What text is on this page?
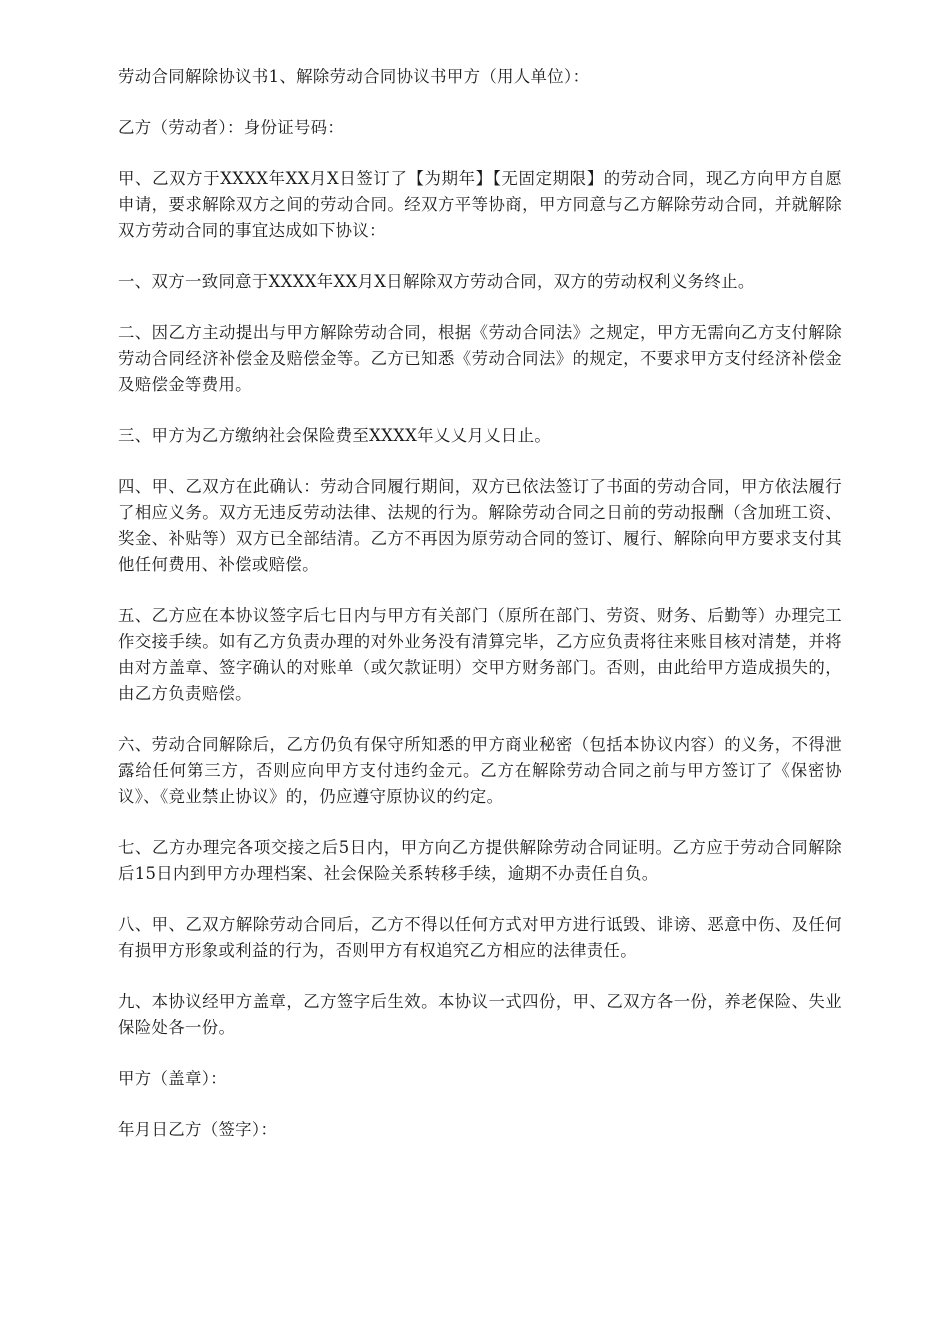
劳动合同解除协议书1、解除劳动合同协议书甲方（用人单位）：

乙方（劳动者）：身份证号码：

甲、乙双方于XXXX年XX月X日签订了【为期年】【无固定期限】的劳动合同，现乙方向甲方自愿申请，要求解除双方之间的劳动合同。经双方平等协商，甲方同意与乙方解除劳动合同，并就解除双方劳动合同的事宜达成如下协议：

一、双方一致同意于XXXX年XX月X日解除双方劳动合同，双方的劳动权利义务终止。

二、因乙方主动提出与甲方解除劳动合同，根据《劳动合同法》之规定，甲方无需向乙方支付解除劳动合同经济补偿金及赔偿金等。乙方已知悉《劳动合同法》的规定，不要求甲方支付经济补偿金及赔偿金等费用。

三、甲方为乙方缴纳社会保险费至XXXX年乂乂月乂日止。

四、甲、乙双方在此确认：劳动合同履行期间，双方已依法签订了书面的劳动合同，甲方依法履行了相应义务。双方无违反劳动法律、法规的行为。解除劳动合同之日前的劳动报酬（含加班工资、奖金、补贴等）双方已全部结清。乙方不再因为原劳动合同的签订、履行、解除向甲方要求支付其他任何费用、补偿或赔偿。

五、乙方应在本协议签字后七日内与甲方有关部门（原所在部门、劳资、财务、后勤等）办理完工作交接手续。如有乙方负责办理的对外业务没有清算完毕，乙方应负责将往来账目核对清楚，并将由对方盖章、签字确认的对账单（或欠款证明）交甲方财务部门。否则，由此给甲方造成损失的，由乙方负责赔偿。

六、劳动合同解除后，乙方仍负有保守所知悉的甲方商业秘密（包括本协议内容）的义务，不得泄露给任何第三方，否则应向甲方支付违约金元。乙方在解除劳动合同之前与甲方签订了《保密协议》、《竞业禁止协议》的，仍应遵守原协议的约定。

七、乙方办理完各项交接之后5日内，甲方向乙方提供解除劳动合同证明。乙方应于劳动合同解除后15日内到甲方办理档案、社会保险关系转移手续，逾期不办责任自负。

八、甲、乙双方解除劳动合同后，乙方不得以任何方式对甲方进行诋毁、诽谤、恶意中伤、及任何有损甲方形象或利益的行为，否则甲方有权追究乙方相应的法律责任。

九、本协议经甲方盖章，乙方签字后生效。本协议一式四份，甲、乙双方各一份，养老保险、失业保险处各一份。

甲方（盖章）：

年月日乙方（签字）：
